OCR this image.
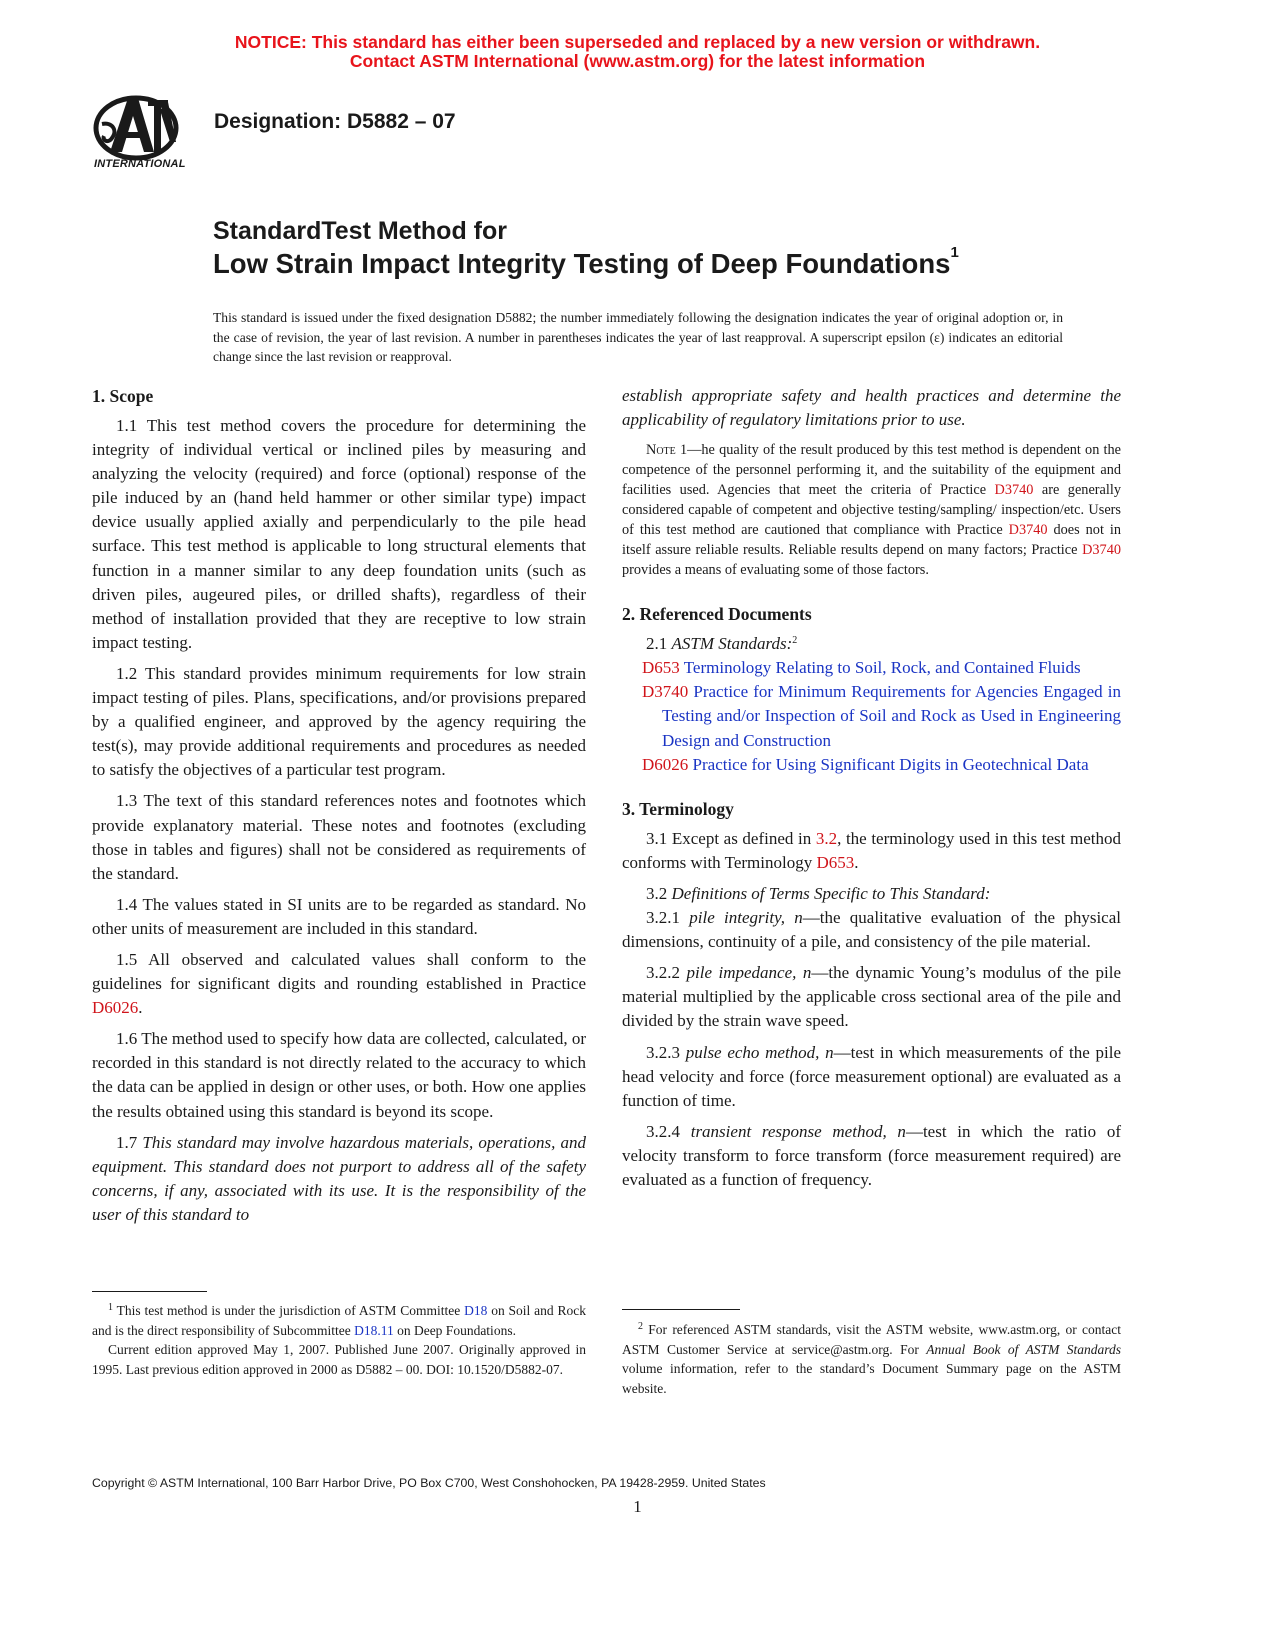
NOTICE: This standard has either been superseded and replaced by a new version or withdrawn.
Contact ASTM International (www.astm.org) for the latest information
INTERNATIONAL
Designation: D5882 – 07
StandardTest Method for
Low Strain Impact Integrity Testing of Deep Foundations$^1$
This standard is issued under the fixed designation D5882; the number immediately following the designation indicates the year of original adoption or, in the case of revision, the year of last revision. A number in parentheses indicates the year of last reapproval. A superscript epsilon (ε) indicates an editorial change since the last revision or reapproval.
1. Scope

1.1 This test method covers the procedure for determining the integrity of individual vertical or inclined piles by measuring and analyzing the velocity (required) and force (optional) response of the pile induced by an (hand held hammer or other similar type) impact device usually applied axially and perpendicularly to the pile head surface. This test method is applicable to long structural elements that function in a manner similar to any deep foundation units (such as driven piles, augeured piles, or drilled shafts), regardless of their method of installation provided that they are receptive to low strain impact testing.

1.2 This standard provides minimum requirements for low strain impact testing of piles. Plans, specifications, and/or provisions prepared by a qualified engineer, and approved by the agency requiring the test(s), may provide additional requirements and procedures as needed to satisfy the objectives of a particular test program.

1.3 The text of this standard references notes and footnotes which provide explanatory material. These notes and footnotes (excluding those in tables and figures) shall not be considered as requirements of the standard.

1.4 The values stated in SI units are to be regarded as standard. No other units of measurement are included in this standard.

1.5 All observed and calculated values shall conform to the guidelines for significant digits and rounding established in Practice D6026.

1.6 The method used to specify how data are collected, calculated, or recorded in this standard is not directly related to the accuracy to which the data can be applied in design or other uses, or both. How one applies the results obtained using this standard is beyond its scope.

1.7 This standard may involve hazardous materials, operations, and equipment. This standard does not purport to address all of the safety concerns, if any, associated with its use. It is the responsibility of the user of this standard to

$^1$ This test method is under the jurisdiction of ASTM Committee D18 on Soil and Rock and is the direct responsibility of Subcommittee D18.11 on Deep Foundations.

Current edition approved May 1, 2007. Published June 2007. Originally approved in 1995. Last previous edition approved in 2000 as D5882 – 00. DOI: 10.1520/D5882-07.

establish appropriate safety and health practices and determine the applicability of regulatory limitations prior to use.

Note 1—he quality of the result produced by this test method is dependent on the competence of the personnel performing it, and the suitability of the equipment and facilities used. Agencies that meet the criteria of Practice D3740 are generally considered capable of competent and objective testing/sampling/ inspection/etc. Users of this test method are cautioned that compliance with Practice D3740 does not in itself assure reliable results. Reliable results depend on many factors; Practice D3740 provides a means of evaluating some of those factors.

2. Referenced Documents

2.1 ASTM Standards:$^2$

D653 Terminology Relating to Soil, Rock, and Contained Fluids
D3740 Practice for Minimum Requirements for Agencies Engaged in Testing and/or Inspection of Soil and Rock as Used in Engineering Design and Construction
D6026 Practice for Using Significant Digits in Geotechnical Data
3. Terminology

3.1 Except as defined in 3.2, the terminology used in this test method conforms with Terminology D653.

3.2 Definitions of Terms Specific to This Standard:

3.2.1 pile integrity, n—the qualitative evaluation of the physical dimensions, continuity of a pile, and consistency of the pile material.

3.2.2 pile impedance, n—the dynamic Young’s modulus of the pile material multiplied by the applicable cross sectional area of the pile and divided by the strain wave speed.

3.2.3 pulse echo method, n—test in which measurements of the pile head velocity and force (force measurement optional) are evaluated as a function of time.

3.2.4 transient response method, n—test in which the ratio of velocity transform to force transform (force measurement required) are evaluated as a function of frequency.

$^2$ For referenced ASTM standards, visit the ASTM website, www.astm.org, or contact ASTM Customer Service at service@astm.org. For Annual Book of ASTM Standards volume information, refer to the standard’s Document Summary page on the ASTM website.

Copyright © ASTM International, 100 Barr Harbor Drive, PO Box C700, West Conshohocken, PA 19428-2959. United States
1
